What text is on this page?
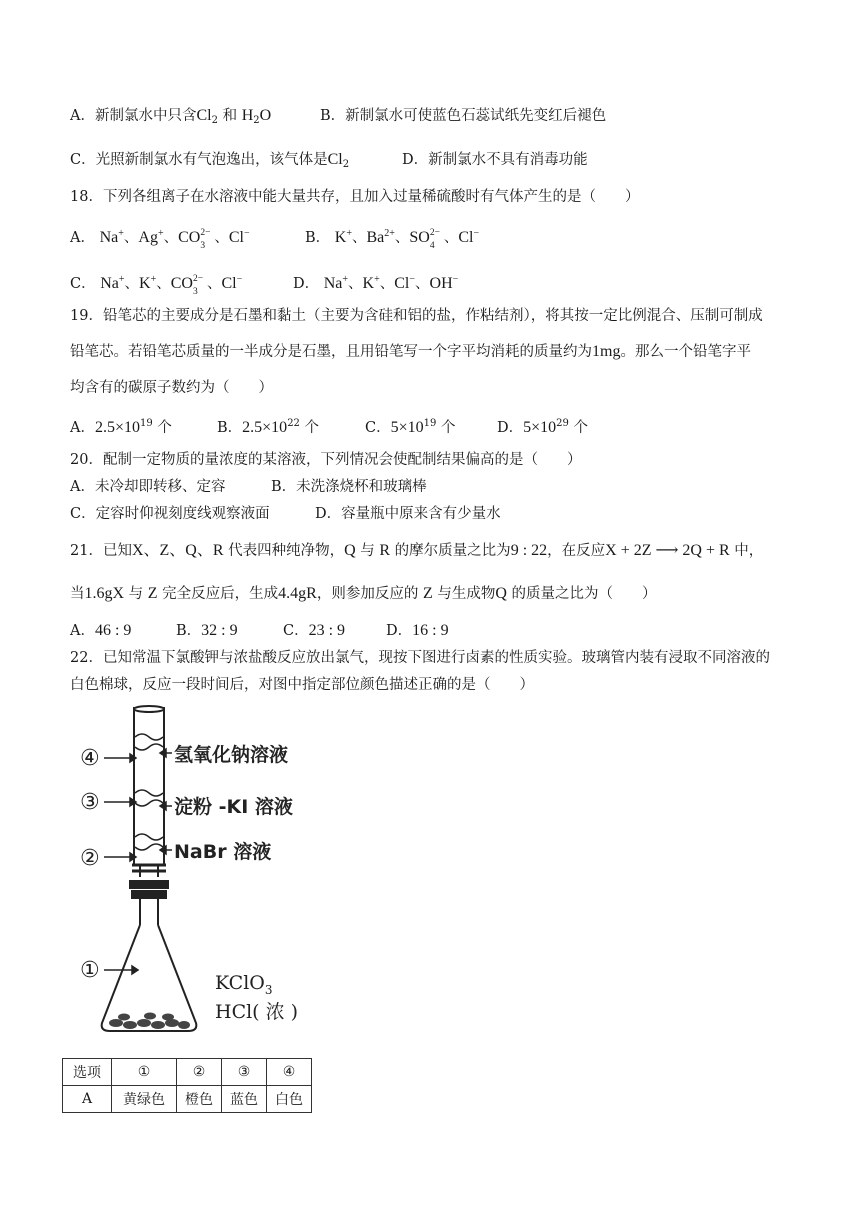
A．新制氯水中只含$Cl_2$ 和 $H_2O$	B．新制氯水可使蓝色石蕊试纸先变红后褪色
C．光照新制氯水有气泡逸出，该气体是$Cl_2$	D．新制氯水不具有消毒功能
18．下列各组离子在水溶液中能大量共存，且加入过量稀硫酸时有气体产生的是（　　）
A． Na+、Ag+、CO 2−
3 、Cl−	B． K+、$Ba^{2+}$、SO 2−
4 、Cl−
C． Na+、K+、CO 2−
3 、Cl−	D． Na+、K+、Cl−、OH−
19．铅笔芯的主要成分是石墨和黏土（主要为含硅和铝的盐，作粘结剂），将其按一定比例混合、压制可制成
铅笔芯。若铅笔芯质量的一半成分是石墨，且用铅笔写一个字平均消耗的质量约为1mg。那么一个铅笔字平
均含有的碳原子数约为（　　）
A．$2.5\times 10^{19}$ 个	B．$2.5\times 10^{22}$ 个	C．$5\times 10^{19}$ 个	D．$5\times 10^{29}$ 个
20．配制一定物质的量浓度的某溶液，下列情况会使配制结果偏高的是（　　）
A．未冷却即转移、定容	B．未洗涤烧杯和玻璃棒
C．定容时仰视刻度线观察液面	D．容量瓶中原来含有少量水
21．已知X、Z、Q、R 代表四种纯净物，Q 与 R 的摩尔质量之比为9 : 22，在反应X + 2Z ⟶ 2Q + R 中，
当1.6gX 与 Z 完全反应后，生成4.4gR，则参加反应的 Z 与生成物Q 的质量之比为（　　）
A．46 : 9	B．32 : 9	C．23 : 9	D．16 : 9
22．已知常温下氯酸钾与浓盐酸反应放出氯气，现按下图进行卤素的性质实验。玻璃管内装有浸取不同溶液的
白色棉球，反应一段时间后，对图中指定部位颜色描述正确的是（　　）
④
③
②
①
氢氧化钠溶液
淀粉 -KI 溶液
NaBr 溶液
KClO$_3$
HCl( 浓 )
选项	①	②	③	④
A	黄绿色	橙色	蓝色	白色
